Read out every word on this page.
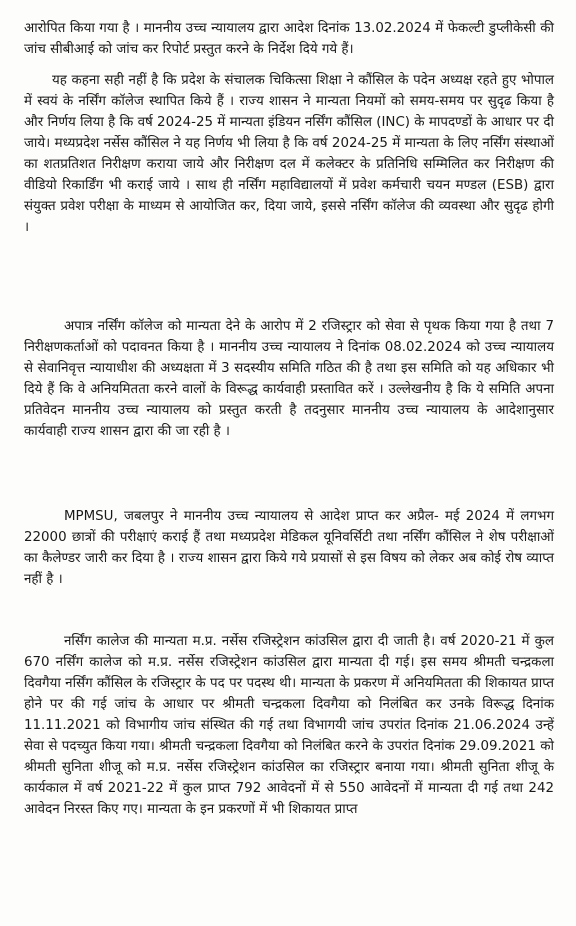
आरोपित किया गया है । माननीय उच्च न्यायालय द्वारा आदेश दिनांक 13.02.2024 में फेकल्टी डुप्लीकेसी की जांच सीबीआई को जांच कर रिपोर्ट प्रस्तुत करने के निर्देश दिये गये हैं।

यह कहना सही नहीं है कि प्रदेश के संचालक चिकित्सा शिक्षा ने कौंसिल के पदेन अध्यक्ष रहते हुए भोपाल में स्वयं के नर्सिंग कॉलेज स्थापित किये हैं । राज्य शासन ने मान्यता नियमों को समय-समय पर सुदृढ किया है और निर्णय लिया है कि वर्ष 2024-25 में मान्यता इंडियन नर्सिंग कौंसिल (INC) के मापदण्डों के आधार पर दी जाये। मध्यप्रदेश नर्सेस कौंसिल ने यह निर्णय भी लिया है कि वर्ष 2024-25 में मान्यता के लिए नर्सिंग संस्थाओं का शतप्रतिशत निरीक्षण कराया जाये और निरीक्षण दल में कलेक्टर के प्रतिनिधि सम्मिलित कर निरीक्षण की वीडियो रिकार्डिंग भी कराई जाये । साथ ही नर्सिंग महाविद्यालयों में प्रवेश कर्मचारी चयन मण्डल (ESB) द्वारा संयुक्त प्रवेश परीक्षा के माध्यम से आयोजित कर, दिया जाये, इससे नर्सिंग कॉलेज की व्यवस्था और सुदृढ होगी ।

अपात्र नर्सिंग कॉलेज को मान्यता देने के आरोप में 2 रजिस्ट्रार को सेवा से पृथक किया गया है तथा 7 निरीक्षणकर्ताओं को पदावनत किया है । माननीय उच्च न्यायालय ने दिनांक 08.02.2024 को उच्च न्यायालय से सेवानिवृत्त न्यायाधीश की अध्यक्षता में 3 सदस्यीय समिति गठित की है तथा इस समिति को यह अधिकार भी दिये हैं कि वे अनियमितता करने वालों के विरूद्ध कार्यवाही प्रस्तावित करें । उल्लेखनीय है कि ये समिति अपना प्रतिवेदन माननीय उच्च न्यायालय को प्रस्तुत करती है तदनुसार माननीय उच्च न्यायालय के आदेशानुसार कार्यवाही राज्य शासन द्वारा की जा रही है ।

MPMSU, जबलपुर ने माननीय उच्च न्यायालय से आदेश प्राप्त कर अप्रैल- मई 2024 में लगभग 22000 छात्रों की परीक्षाएं कराई हैं तथा मध्यप्रदेश मेडिकल यूनिवर्सिटी तथा नर्सिंग कौंसिल ने शेष परीक्षाओं का कैलेण्डर जारी कर दिया है । राज्य शासन द्वारा किये गये प्रयासों से इस विषय को लेकर अब कोई रोष व्याप्त नहीं है ।

नर्सिंग कालेज की मान्यता म.प्र. नर्सेस रजिस्ट्रेशन कांउसिल द्वारा दी जाती है। वर्ष 2020-21 में कुल 670 नर्सिंग कालेज को म.प्र. नर्सेस रजिस्ट्रेशन कांउसिल द्वारा मान्यता दी गई। इस समय श्रीमती चन्द्रकला दिवगैया नर्सिंग कौंसिल के रजिस्ट्रार के पद पर पदस्थ थी। मान्यता के प्रकरण में अनियमितता की शिकायत प्राप्त होने पर की गई जांच के आधार पर श्रीमती चन्द्रकला दिवगैया को निलंबित कर उनके विरूद्ध दिनांक 11.11.2021 को विभागीय जांच संस्थित की गई तथा विभागयी जांच उपरांत दिनांक 21.06.2024 उन्हें सेवा से पदच्युत किया गया। श्रीमती चन्द्रकला दिवगैया को निलंबित करने के उपरांत दिनांक 29.09.2021 को श्रीमती सुनिता शीजू को म.प्र. नर्सेस रजिस्ट्रेशन कांउसिल का रजिस्ट्रार बनाया गया। श्रीमती सुनिता शीजू के कार्यकाल में वर्ष 2021-22 में कुल प्राप्त 792 आवेदनों में से 550 आवेदनों में मान्यता दी गई तथा 242 आवेदन निरस्त किए गए। मान्यता के इन प्रकरणों में भी शिकायत प्राप्त
